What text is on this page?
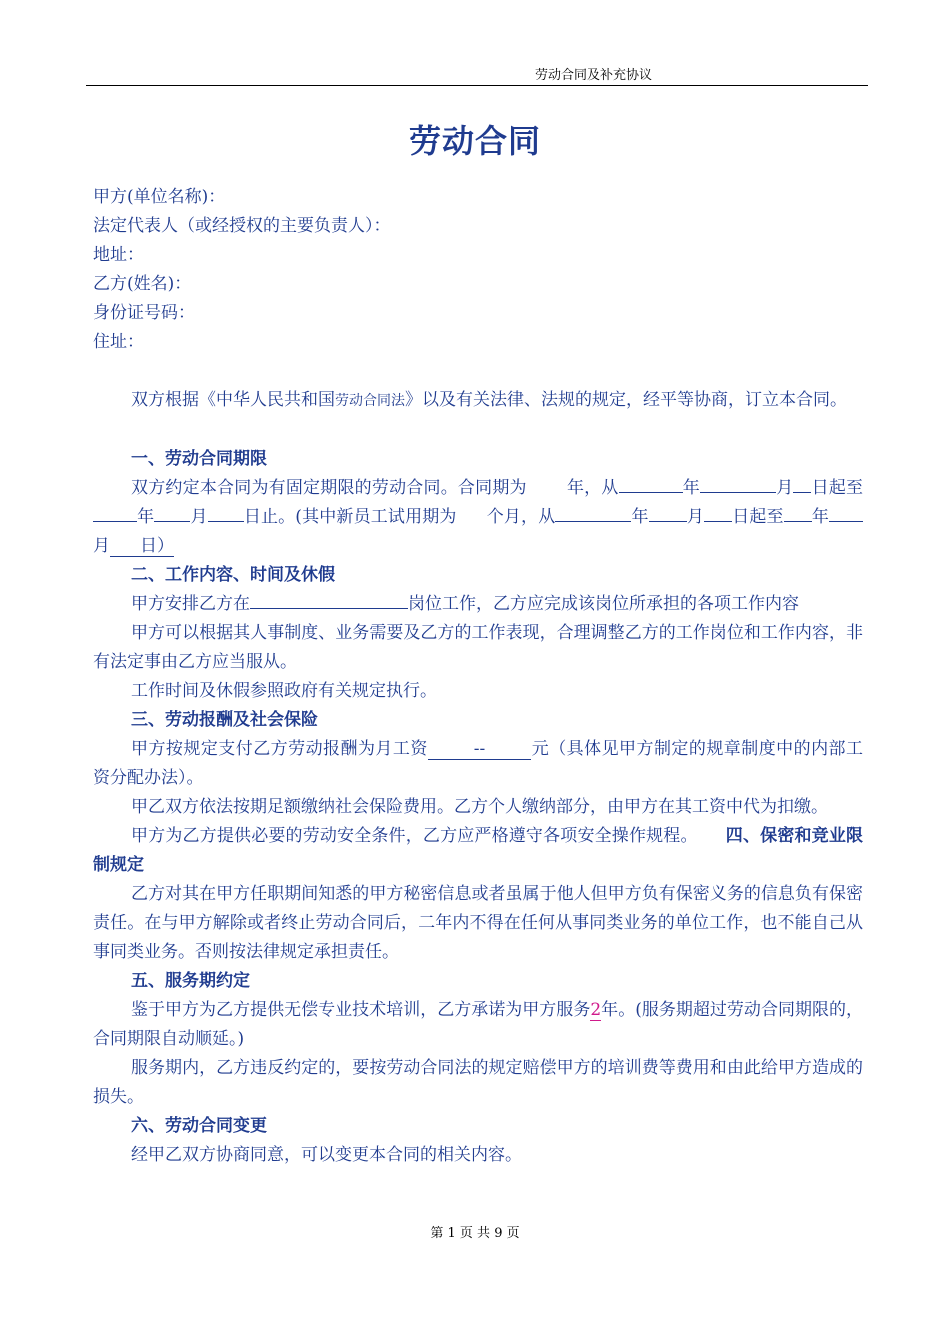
劳动合同及补充协议
劳动合同

甲方(单位名称)：

法定代表人（或经授权的主要负责人）：

地址：

乙方(姓名)：

身份证号码：

住址：

双方根据《中华人民共和国劳动合同法》以及有关法律、法规的规定，经平等协商，订立本合同。

一、劳动合同期限

双方约定本合同为有固定期限的劳动合同。合同期为 年，从	年	月 日起至年 月 日止。(其中新员工试用期为 个月，从	年 月 日起至 年月 日）

二、工作内容、时间及休假

甲方安排乙方在	岗位工作，乙方应完成该岗位所承担的各项工作内容

甲方可以根据其人事制度、业务需要及乙方的工作表现，合理调整乙方的工作岗位和工作内容，非有法定事由乙方应当服从。

工作时间及休假参照政府有关规定执行。

三、劳动报酬及社会保险

甲方按规定支付乙方劳动报酬为月工资	--	元（具体见甲方制定的规章制度中的内部工资分配办法）。

甲乙双方依法按期足额缴纳社会保险费用。乙方个人缴纳部分，由甲方在其工资中代为扣缴。

甲方为乙方提供必要的劳动安全条件，乙方应严格遵守各项安全操作规程。 四、保密和竞业限制规定

乙方对其在甲方任职期间知悉的甲方秘密信息或者虽属于他人但甲方负有保密义务的信息负有保密责任。在与甲方解除或者终止劳动合同后，二年内不得在任何从事同类业务的单位工作，也不能自己从事同类业务。否则按法律规定承担责任。

五、服务期约定

鉴于甲方为乙方提供无偿专业技术培训，乙方承诺为甲方服务2年。(服务期超过劳动合同期限的，合同期限自动顺延。)

服务期内，乙方违反约定的，要按劳动合同法的规定赔偿甲方的培训费等费用和由此给甲方造成的损失。

六、劳动合同变更

经甲乙双方协商同意，可以变更本合同的相关内容。

第 1 页 共 9 页
